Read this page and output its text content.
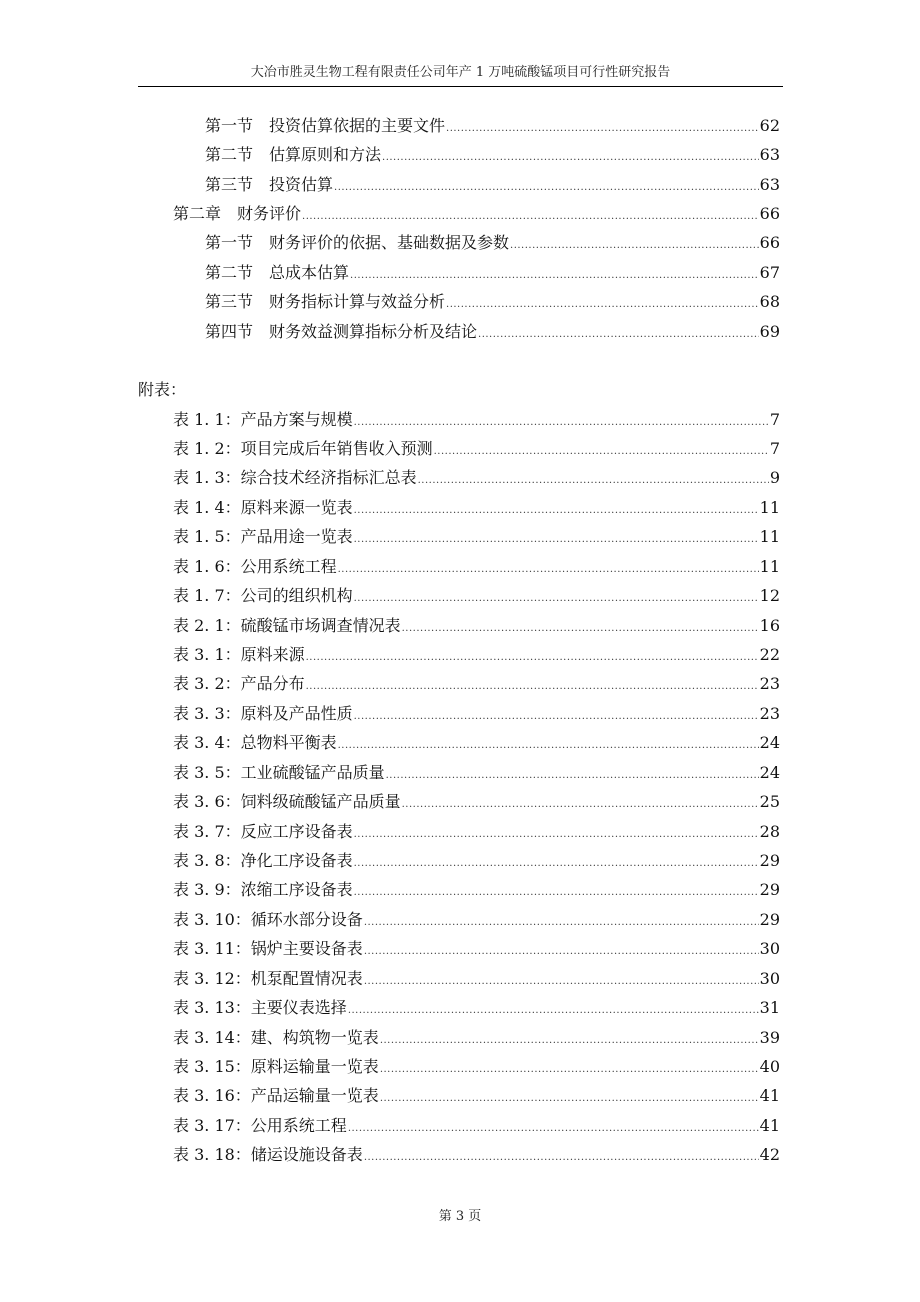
大冶市胜灵生物工程有限责任公司年产 1 万吨硫酸锰项目可行性研究报告
第一节　投资估算依据的主要文件 .....	62
第二节　估算原则和方法 .....	63
第三节　投资估算 .....	63
第二章　财务评价 .....	66
第一节　财务评价的依据、基础数据及参数 .....	66
第二节　总成本估算 .....	67
第三节　财务指标计算与效益分析 .....	68
第四节　财务效益测算指标分析及结论 .....	69
附表：
表 1. 1：产品方案与规模 .....	7
表 1. 2：项目完成后年销售收入预测 .....	7
表 1. 3：综合技术经济指标汇总表 .....	9
表 1. 4：原料来源一览表 .....	11
表 1. 5：产品用途一览表 .....	11
表 1. 6：公用系统工程 .....	11
表 1. 7：公司的组织机构 .....	12
表 2. 1：硫酸锰市场调查情况表 .....	16
表 3. 1：原料来源 .....	22
表 3. 2：产品分布 .....	23
表 3. 3：原料及产品性质 .....	23
表 3. 4：总物料平衡表 .....	24
表 3. 5：工业硫酸锰产品质量 .....	24
表 3. 6：饲料级硫酸锰产品质量 .....	25
表 3. 7：反应工序设备表 .....	28
表 3. 8：净化工序设备表 .....	29
表 3. 9：浓缩工序设备表 .....	29
表 3. 10：循环水部分设备 .....	29
表 3. 11：锅炉主要设备表 .....	30
表 3. 12：机泵配置情况表 .....	30
表 3. 13：主要仪表选择 .....	31
表 3. 14：建、构筑物一览表 .....	39
表 3. 15：原料运输量一览表 .....	40
表 3. 16：产品运输量一览表 .....	41
表 3. 17：公用系统工程 .....	41
表 3. 18：储运设施设备表 .....	42
第 3 页
